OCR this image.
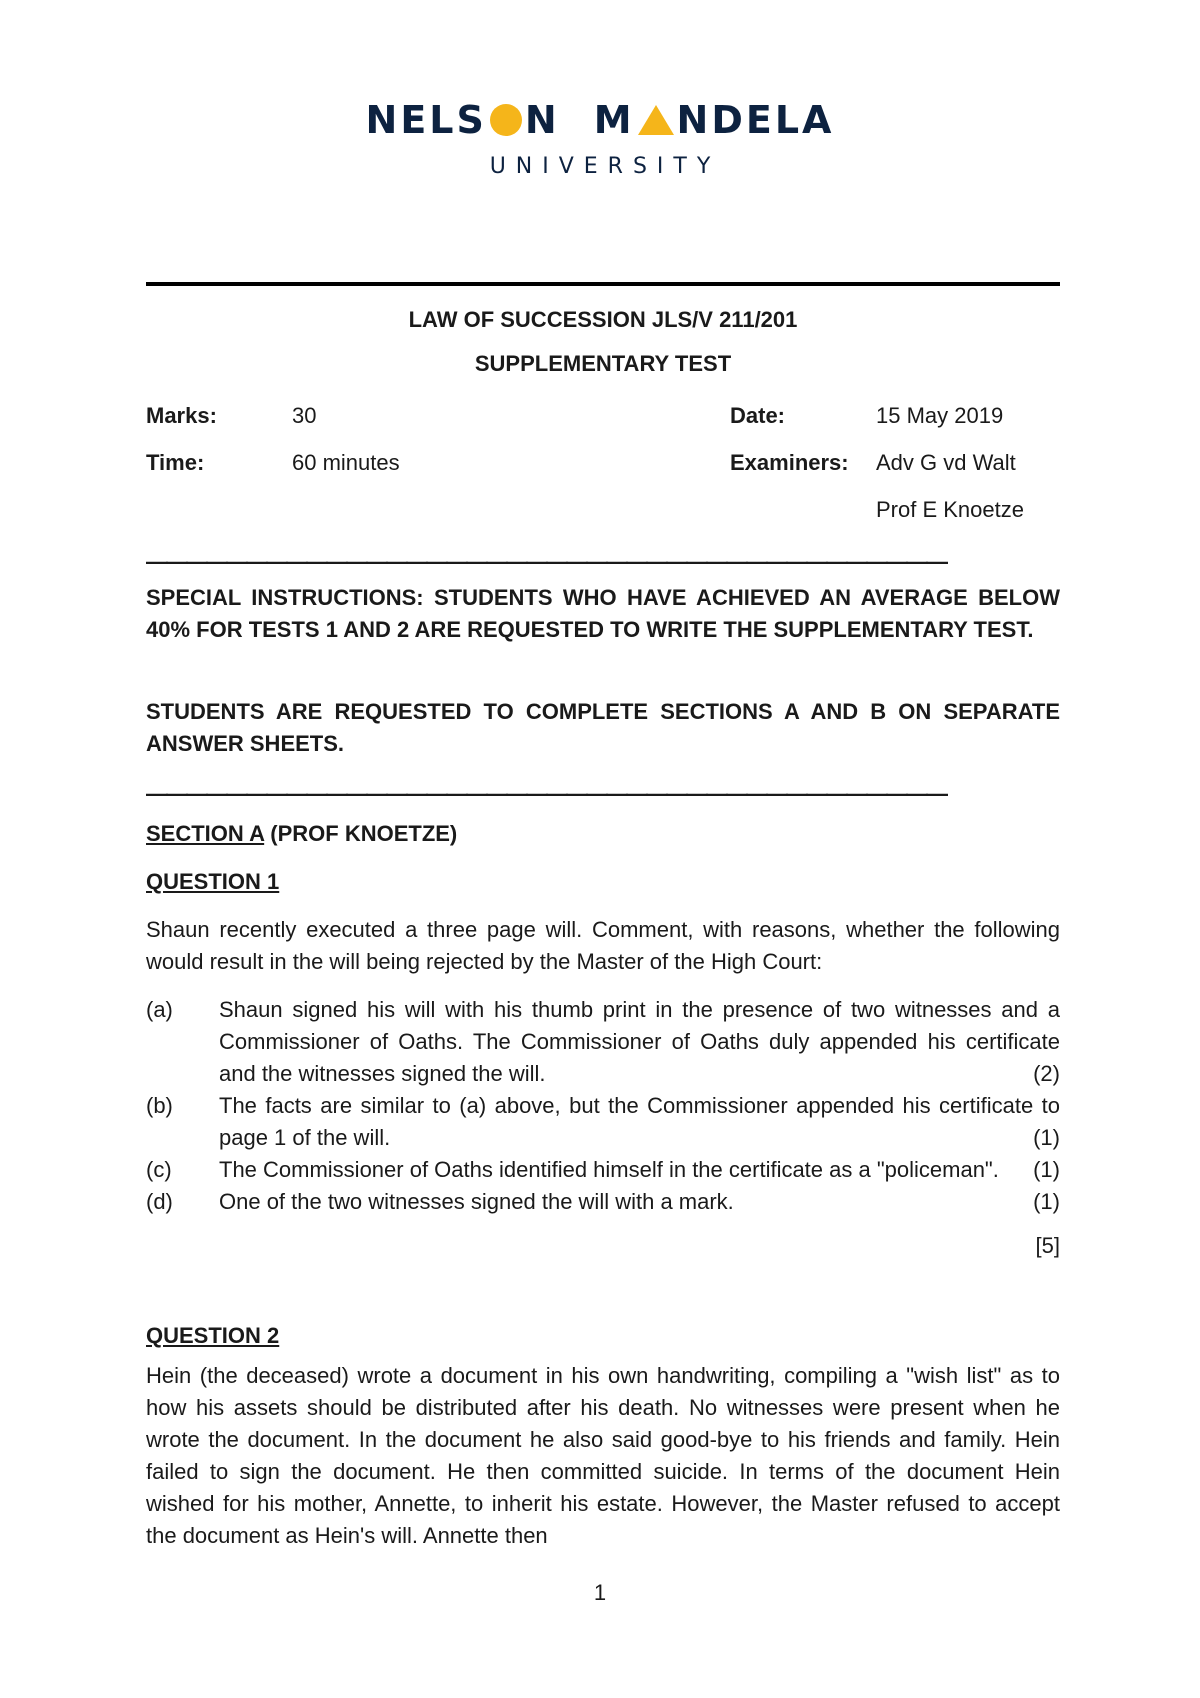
NELS N M NDELA
UNIVERSITY
LAW OF SUCCESSION JLS/V 211/201
SUPPLEMENTARY TEST
Marks:	30	Date:	15 May 2019
Time:	60 minutes	Examiners:	Adv G vd Walt
Prof E Knoetze
————————————————————————————————————————
SPECIAL INSTRUCTIONS: STUDENTS WHO HAVE ACHIEVED AN AVERAGE BELOW 40% FOR TESTS 1 AND 2 ARE REQUESTED TO WRITE THE SUPPLEMENTARY TEST.
STUDENTS ARE REQUESTED TO COMPLETE SECTIONS A AND B ON SEPARATE ANSWER SHEETS.
————————————————————————————————————————
SECTION A (PROF KNOETZE)
QUESTION 1
Shaun recently executed a three page will. Comment, with reasons, whether the following would result in the will being rejected by the Master of the High Court:
(a)	Shaun signed his will with his thumb print in the presence of two witnesses and a Commissioner of Oaths. The Commissioner of Oaths duly appended his certificate and the witnesses signed the will.	(2)
(b)	The facts are similar to (a) above, but the Commissioner appended his certificate to page 1 of the will.	(1)
(c)	The Commissioner of Oaths identified himself in the certificate as a "policeman". (1)
(d)	One of the two witnesses signed the will with a mark.	(1)
[5]
QUESTION 2
Hein (the deceased) wrote a document in his own handwriting, compiling a "wish list" as to how his assets should be distributed after his death. No witnesses were present when he wrote the document. In the document he also said good-bye to his friends and family. Hein failed to sign the document. He then committed suicide. In terms of the document Hein wished for his mother, Annette, to inherit his estate. However, the Master refused to accept the document as Hein's will. Annette then
1
